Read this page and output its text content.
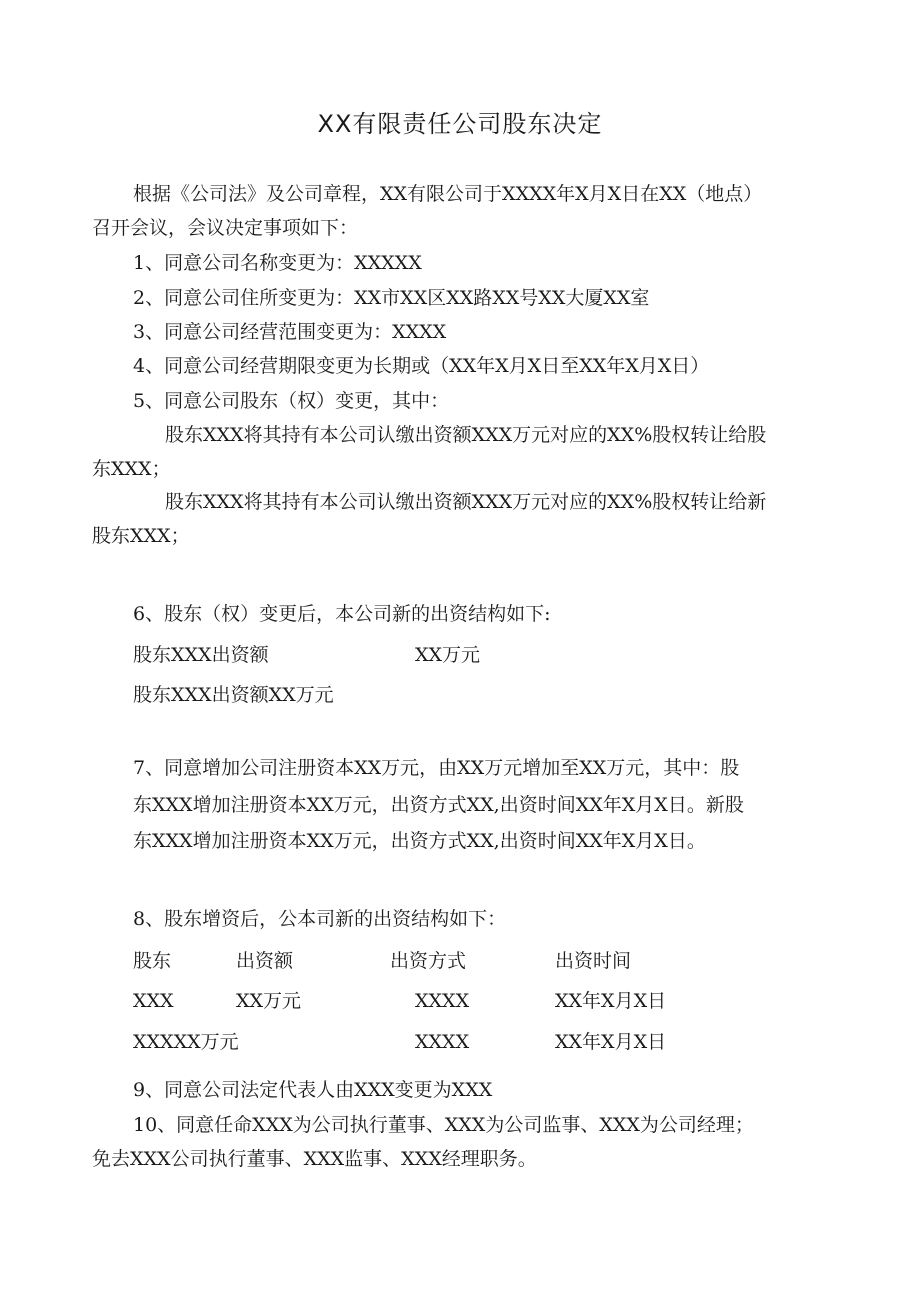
XX有限责任公司股东决定
根据《公司法》及公司章程，XX有限公司于XXXX年X月X日在XX（地点）
召开会议，会议决定事项如下：
1、同意公司名称变更为：XXXXX
2、同意公司住所变更为：XX市XX区XX路XX号XX大厦XX室
3、同意公司经营范围变更为：XXXX
4、同意公司经营期限变更为长期或（XX年X月X日至XX年X月X日）
5、同意公司股东（权）变更，其中：
股东XXX将其持有本公司认缴出资额XXX万元对应的XX%股权转让给股
东XXX；
股东XXX将其持有本公司认缴出资额XXX万元对应的XX%股权转让给新
股东XXX；
6、股东（权）变更后，本公司新的出资结构如下:
股东XXX出资额	XX万元
股东XXX出资额XX万元
7、同意增加公司注册资本XX万元，由XX万元增加至XX万元，其中：股
东XXX增加注册资本XX万元，出资方式XX,出资时间XX年X月X日。新股
东XXX增加注册资本XX万元，出资方式XX,出资时间XX年X月X日。
8、股东增资后，公本司新的出资结构如下：
股东	出资额	出资方式	出资时间
XXX	XX万元	XXXX	XX年X月X日
XXXXX万元	XXXX	XX年X月X日
9、同意公司法定代表人由XXX变更为XXX
10、同意任命XXX为公司执行董事、XXX为公司监事、XXX为公司经理；
免去XXX公司执行董事、XXX监事、XXX经理职务。
